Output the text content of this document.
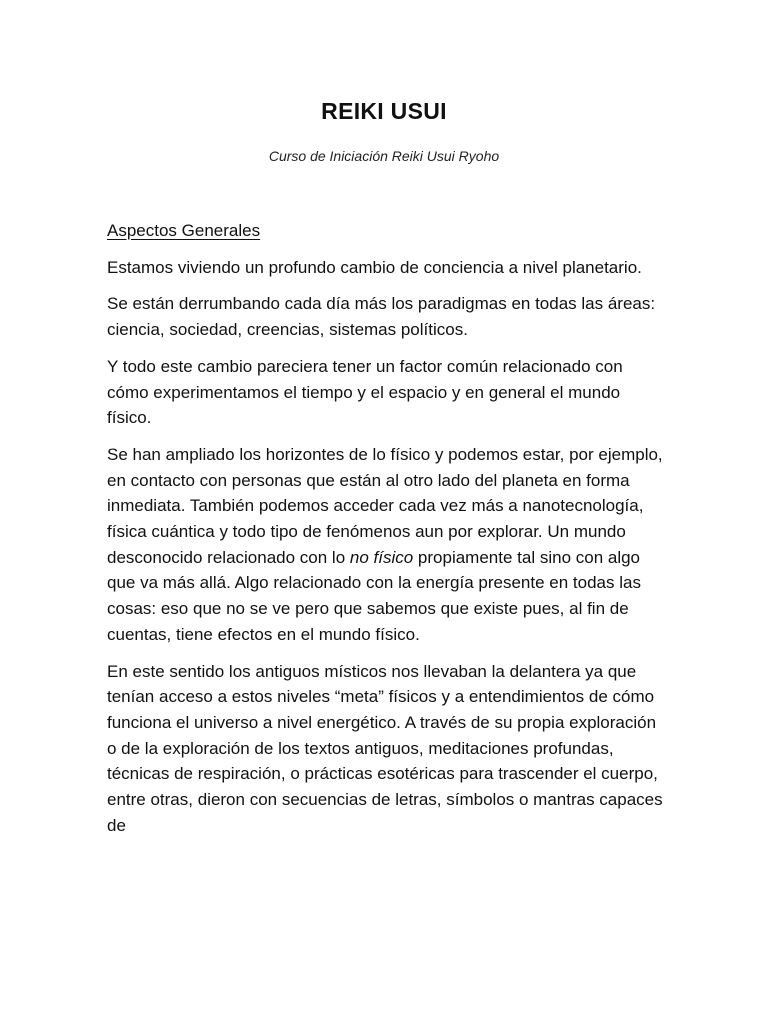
REIKI USUI

Curso de Iniciación Reiki Usui Ryoho

Aspectos Generales

Estamos viviendo un profundo cambio de conciencia a nivel planetario.

Se están derrumbando cada día más los paradigmas en todas las áreas: ciencia, sociedad, creencias, sistemas políticos.

Y todo este cambio pareciera tener un factor común relacionado con cómo experimentamos el tiempo y el espacio y en general el mundo físico.

Se han ampliado los horizontes de lo físico y podemos estar, por ejemplo, en contacto con personas que están al otro lado del planeta en forma inmediata. También podemos acceder cada vez más a nanotecnología, física cuántica y todo tipo de fenómenos aun por explorar. Un mundo desconocido relacionado con lo no físico propiamente tal sino con algo que va más allá. Algo relacionado con la energía presente en todas las cosas: eso que no se ve pero que sabemos que existe pues, al fin de cuentas, tiene efectos en el mundo físico.

En este sentido los antiguos místicos nos llevaban la delantera ya que tenían acceso a estos niveles “meta” físicos y a entendimientos de cómo funciona el universo a nivel energético. A través de su propia exploración o de la exploración de los textos antiguos, meditaciones profundas, técnicas de respiración, o prácticas esotéricas para trascender el cuerpo, entre otras, dieron con secuencias de letras, símbolos o mantras capaces de
